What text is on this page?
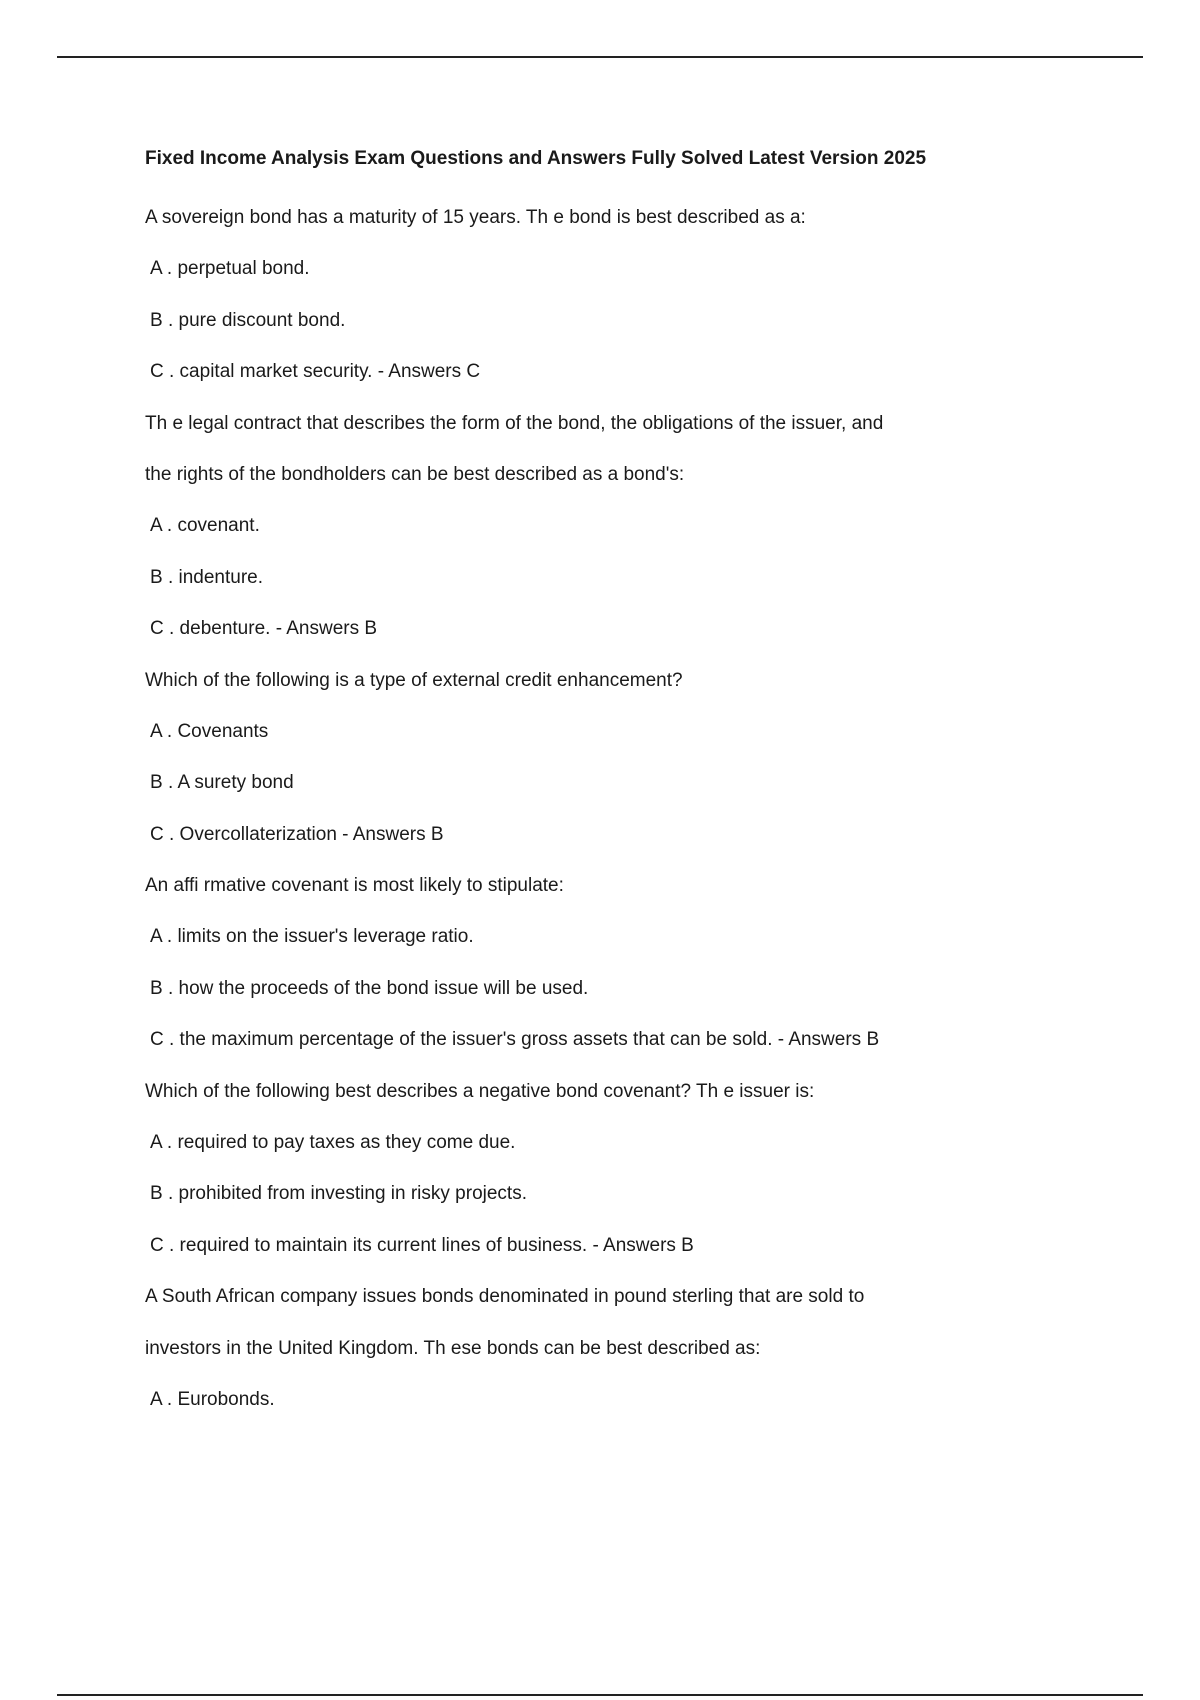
Fixed Income Analysis Exam Questions and Answers Fully Solved Latest Version 2025
A sovereign bond has a maturity of 15 years. Th e bond is best described as a:
A . perpetual bond.
B . pure discount bond.
C . capital market security. - Answers C
Th e legal contract that describes the form of the bond, the obligations of the issuer, and
the rights of the bondholders can be best described as a bond's:
A . covenant.
B . indenture.
C . debenture. - Answers B
Which of the following is a type of external credit enhancement?
A . Covenants
B . A surety bond
C . Overcollaterization - Answers B
An affi rmative covenant is most likely to stipulate:
A . limits on the issuer's leverage ratio.
B . how the proceeds of the bond issue will be used.
C . the maximum percentage of the issuer's gross assets that can be sold. - Answers B
Which of the following best describes a negative bond covenant? Th e issuer is:
A . required to pay taxes as they come due.
B . prohibited from investing in risky projects.
C . required to maintain its current lines of business. - Answers B
A South African company issues bonds denominated in pound sterling that are sold to
investors in the United Kingdom. Th ese bonds can be best described as:
A . Eurobonds.
